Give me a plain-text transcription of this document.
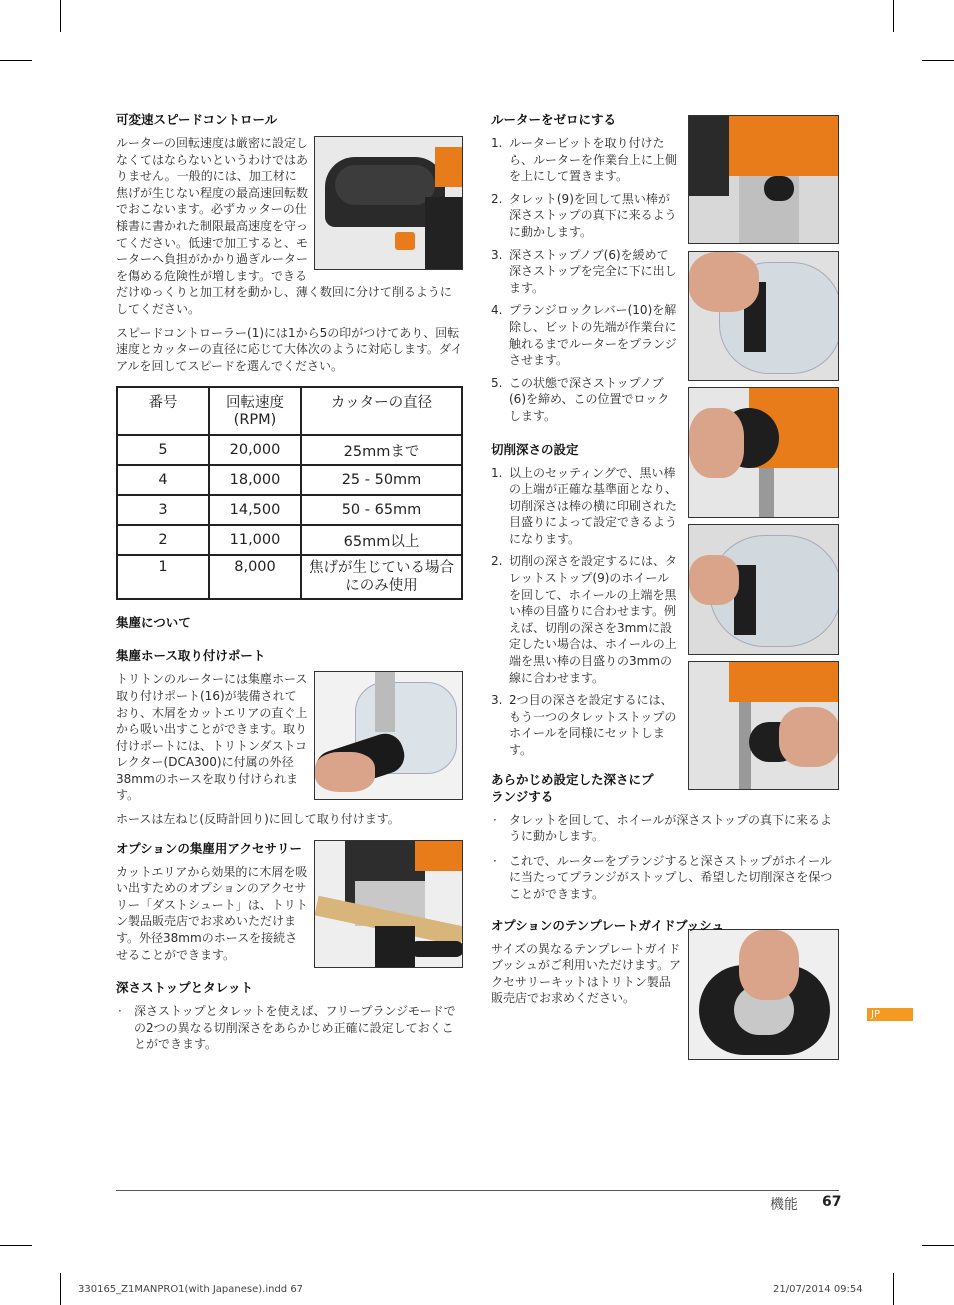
可変速スピードコントロール
ルーターの回転速度は厳密に設定しなくてはならないというわけではありません。一般的には、加工材に焦げが生じない程度の最高速回転数でおこないます。必ずカッターの仕様書に書かれた制限最高速度を守ってください。低速で加工すると、モーターへ負担がかかり過ぎルーターを傷める危険性が増します。できるだけゆっくりと加工材を動かし、薄く数回に分けて削るようにしてください。
スピードコントローラー(1)には1から5の印がつけてあり、回転速度とカッターの直径に応じて大体次のように対応します。ダイアルを回してスピードを選んでください。
番号	回転速度 (RPM)	カッターの直径
5	20,000	25mmまで
4	18,000	25 - 50mm
3	14,500	50 - 65mm
2	11,000	65mm以上
1	8,000	焦げが生じている場合にのみ使用
集塵について
集塵ホース取り付けポート
トリトンのルーターには集塵ホース取り付けポート(16)が装備されており、木屑をカットエリアの直ぐ上から吸い出すことができます。取り付けポートには、トリトンダストコレクター(DCA300)に付属の外径38mmのホースを取り付けられます。
ホースは左ねじ(反時計回り)に回して取り付けます。
オプションの集塵用アクセサリー
カットエリアから効果的に木屑を吸い出すためのオプションのアクセサリー「ダストシュート」は、トリトン製品販売店でお求めいただけます。外径38mmのホースを接続させることができます。
深さストップとタレット
· 深さストップとタレットを使えば、フリープランジモードでの2つの異なる切削深さをあらかじめ正確に設定しておくことができます。
ルーターをゼロにする
1. ルータービットを取り付けたら、ルーターを作業台上に上側を上にして置きます。
2. タレット(9)を回して黒い棒が深さストップの真下に来るように動かします。
3. 深さストップノブ(6)を緩めて深さストップを完全に下に出します。
4. プランジロックレバー(10)を解除し、ビットの先端が作業台に触れるまでルーターをプランジさせます。
5. この状態で深さストップノブ(6)を締め、この位置でロックします。
切削深さの設定
1. 以上のセッティングで、黒い棒の上端が正確な基準面となり、切削深さは棒の横に印刷された目盛りによって設定できるようになります。
2. 切削の深さを設定するには、タレットストップ(9)のホイールを回して、ホイールの上端を黒い棒の目盛りに合わせます。例えば、切削の深さを3mmに設定したい場合は、ホイールの上端を黒い棒の目盛りの3mmの線に合わせます。
3. 2つ目の深さを設定するには、もう一つのタレットストップのホイールを同様にセットします。
あらかじめ設定した深さにプランジする
· タレットを回して、ホイールが深さストップの真下に来るように動かします。
· これで、ルーターをプランジすると深さストップがホイールに当たってプランジがストップし、希望した切削深さを保つことができます。
オプションのテンプレートガイドブッシュ
サイズの異なるテンプレートガイドブッシュがご利用いただけます。アクセサリーキットはトリトン製品販売店でお求めください。
JP
機能 67
330165_Z1MANPRO1(with Japanese).indd 67	21/07/2014 09:54
